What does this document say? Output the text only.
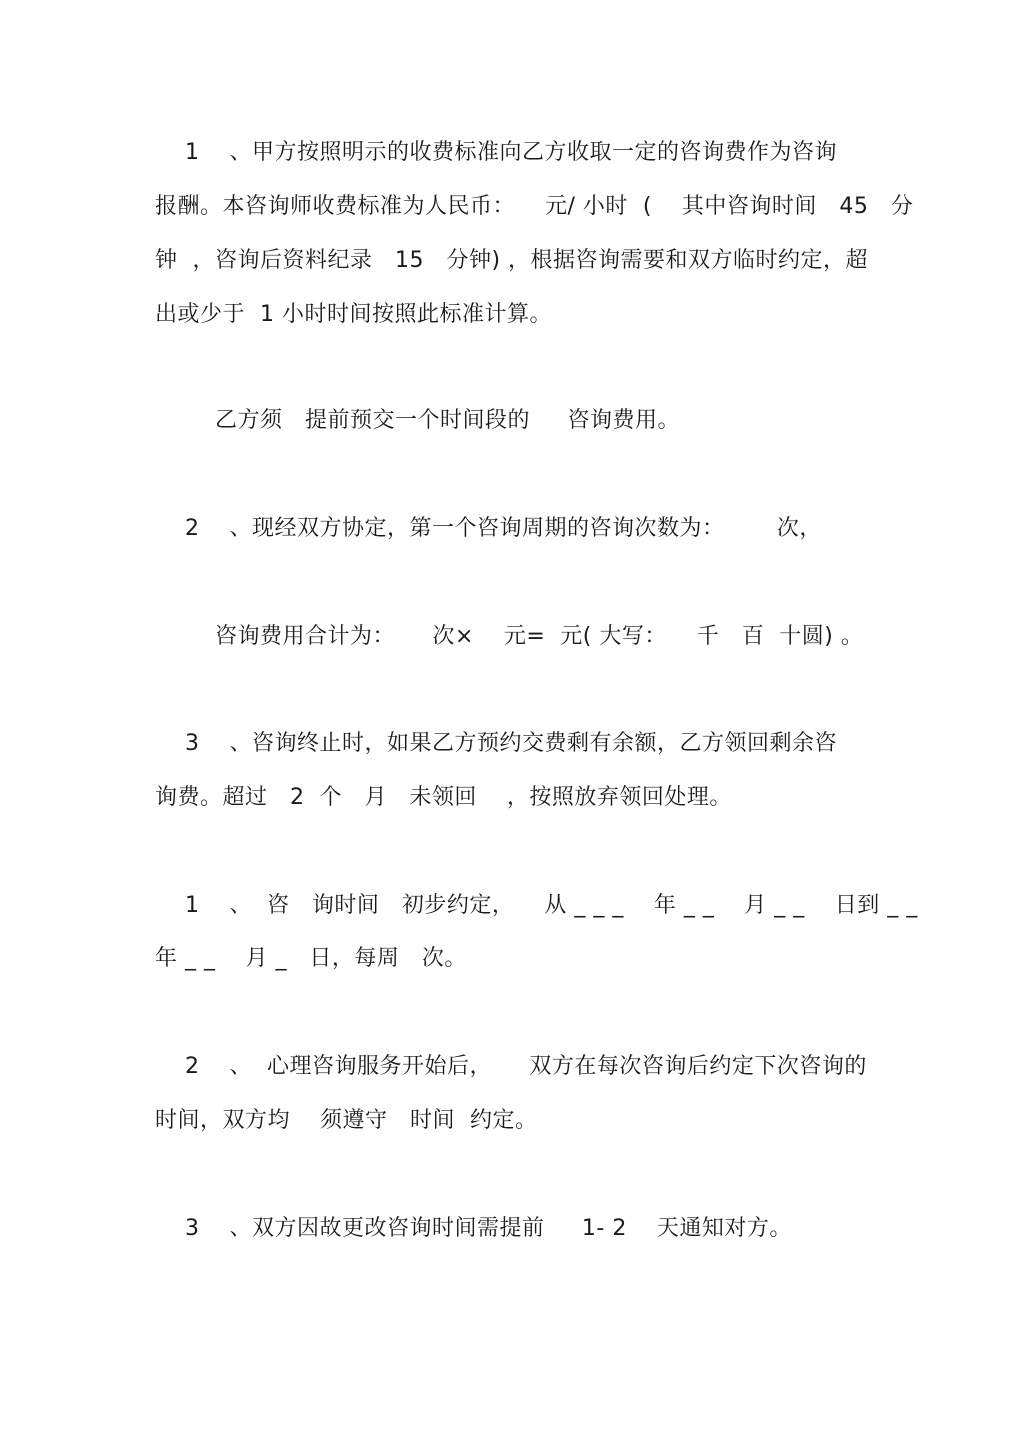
1    、甲方按照明示的收费标准向乙方收取一定的咨询费作为咨询
报酬。本咨询师收费标准为人民币：    元/ 小时  (    其中咨询时间   45   分
钟  ，咨询后资料纪录   15   分钟) ，根据咨询需要和双方临时约定，超
出或少于  1 小时时间按照此标准计算。
乙方须   提前预交一个时间段的     咨询费用。
2    、现经双方协定，第一个咨询周期的咨询次数为：       次，
咨询费用合计为：     次×    元=  元( 大写：    千   百  十圆) 。
3    、咨询终止时，如果乙方预约交费剩有余额，乙方领回剩余咨
询费。超过   2  个   月   未领回    ，按照放弃领回处理。
1    、  咨   询时间   初步约定，    从 _ _ _    年 _ _    月 _ _    日到 _ _
年 _ _    月 _   日，每周   次。
2    、  心理咨询服务开始后，     双方在每次咨询后约定下次咨询的
时间，双方均    须遵守   时间  约定。
3    、双方因故更改咨询时间需提前     1- 2    天通知对方。
